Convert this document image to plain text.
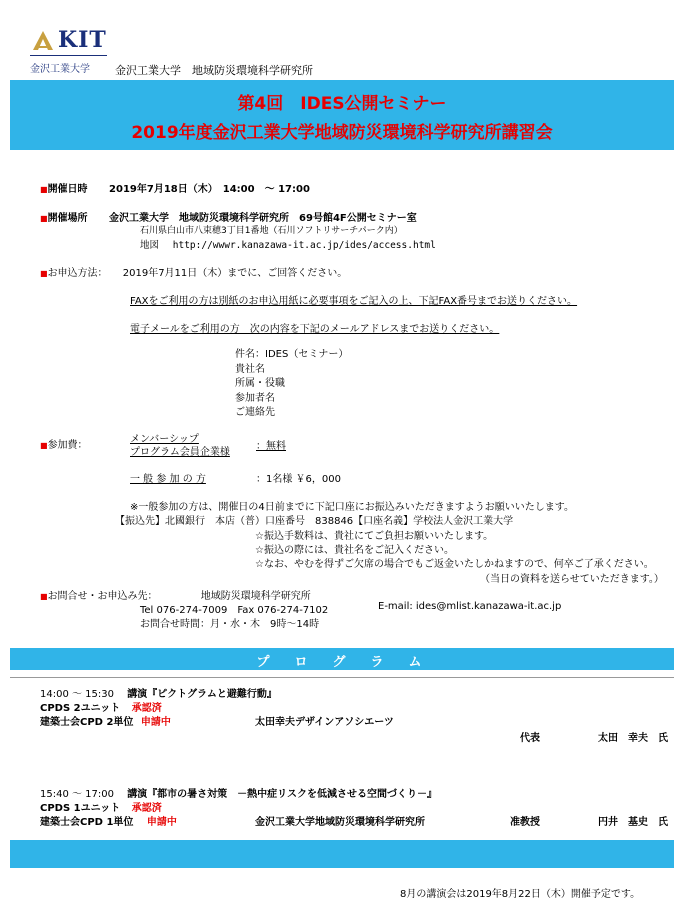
KIT
金沢工業大学 金沢工業大学　地域防災環境科学研究所
第4回　IDES公開セミナー
2019年度金沢工業大学地域防災環境科学研究所講習会
■開催日時 2019年7月18日（木）　14:00　～ 17:00
■開催場所 金沢工業大学　地域防災環境科学研究所　69号館4F公開セミナー室
石川県白山市八束穂3丁目1番地（石川ソフトリサーチパーク内）
地図 http://wwwr.kanazawa-it.ac.jp/ides/access.html
■お申込方法： 2019年7月11日（木）までに、ご回答ください。
FAXをご利用の方は別紙のお申込用紙に必要事項をご記入の上、下記FAX番号までお送りください。
電子メールをご利用の方　次の内容を下記のメールアドレスまでお送りください。
件名：IDES（セミナー）
貴社名
所属・役職
参加者名
ご連絡先
■参加費：
メンバーシップ
プログラム会員企業様
：無料
一 般 参 加 の 方	：1名様 ￥6，000
※一般参加の方は、開催日の4日前までに下記口座にお振込みいただきますようお願いいたします。
【振込先】北國銀行　本店（普）口座番号　838846【口座名義】学校法人金沢工業大学
☆振込手数料は、貴社にてご負担お願いいたします。
☆振込の際には、貴社名をご記入ください。
☆なお、やむを得ずご欠席の場合でもご返金いたしかねますので、何卒ご了承ください。
（当日の資料を送らせていただきます。）
■お問合せ・お申込み先：	地域防災環境科学研究所
Tel 076-274-7009　Fax 076-274-7102	E-mail: ides@mlist.kanazawa-it.ac.jp
お問合せ時間：月・水・木　9時～14時
プ　ロ　グ　ラ　ム
14:00 ～ 15:30 講演『ピクトグラムと避難行動』
CPDS 2ユニット 承認済
建築士会CPD 2単位 申請中	太田幸夫デザインアソシエーツ
代表	太田　幸夫　氏
15:40 ～ 17:00 講演『都市の暑さ対策　－熱中症リスクを低減させる空間づくり－』
CPDS 1ユニット 承認済
建築士会CPD 1単位 申請中	金沢工業大学地域防災環境科学研究所	准教授	円井　基史　氏
8月の講演会は2019年8月22日（木）開催予定です。
